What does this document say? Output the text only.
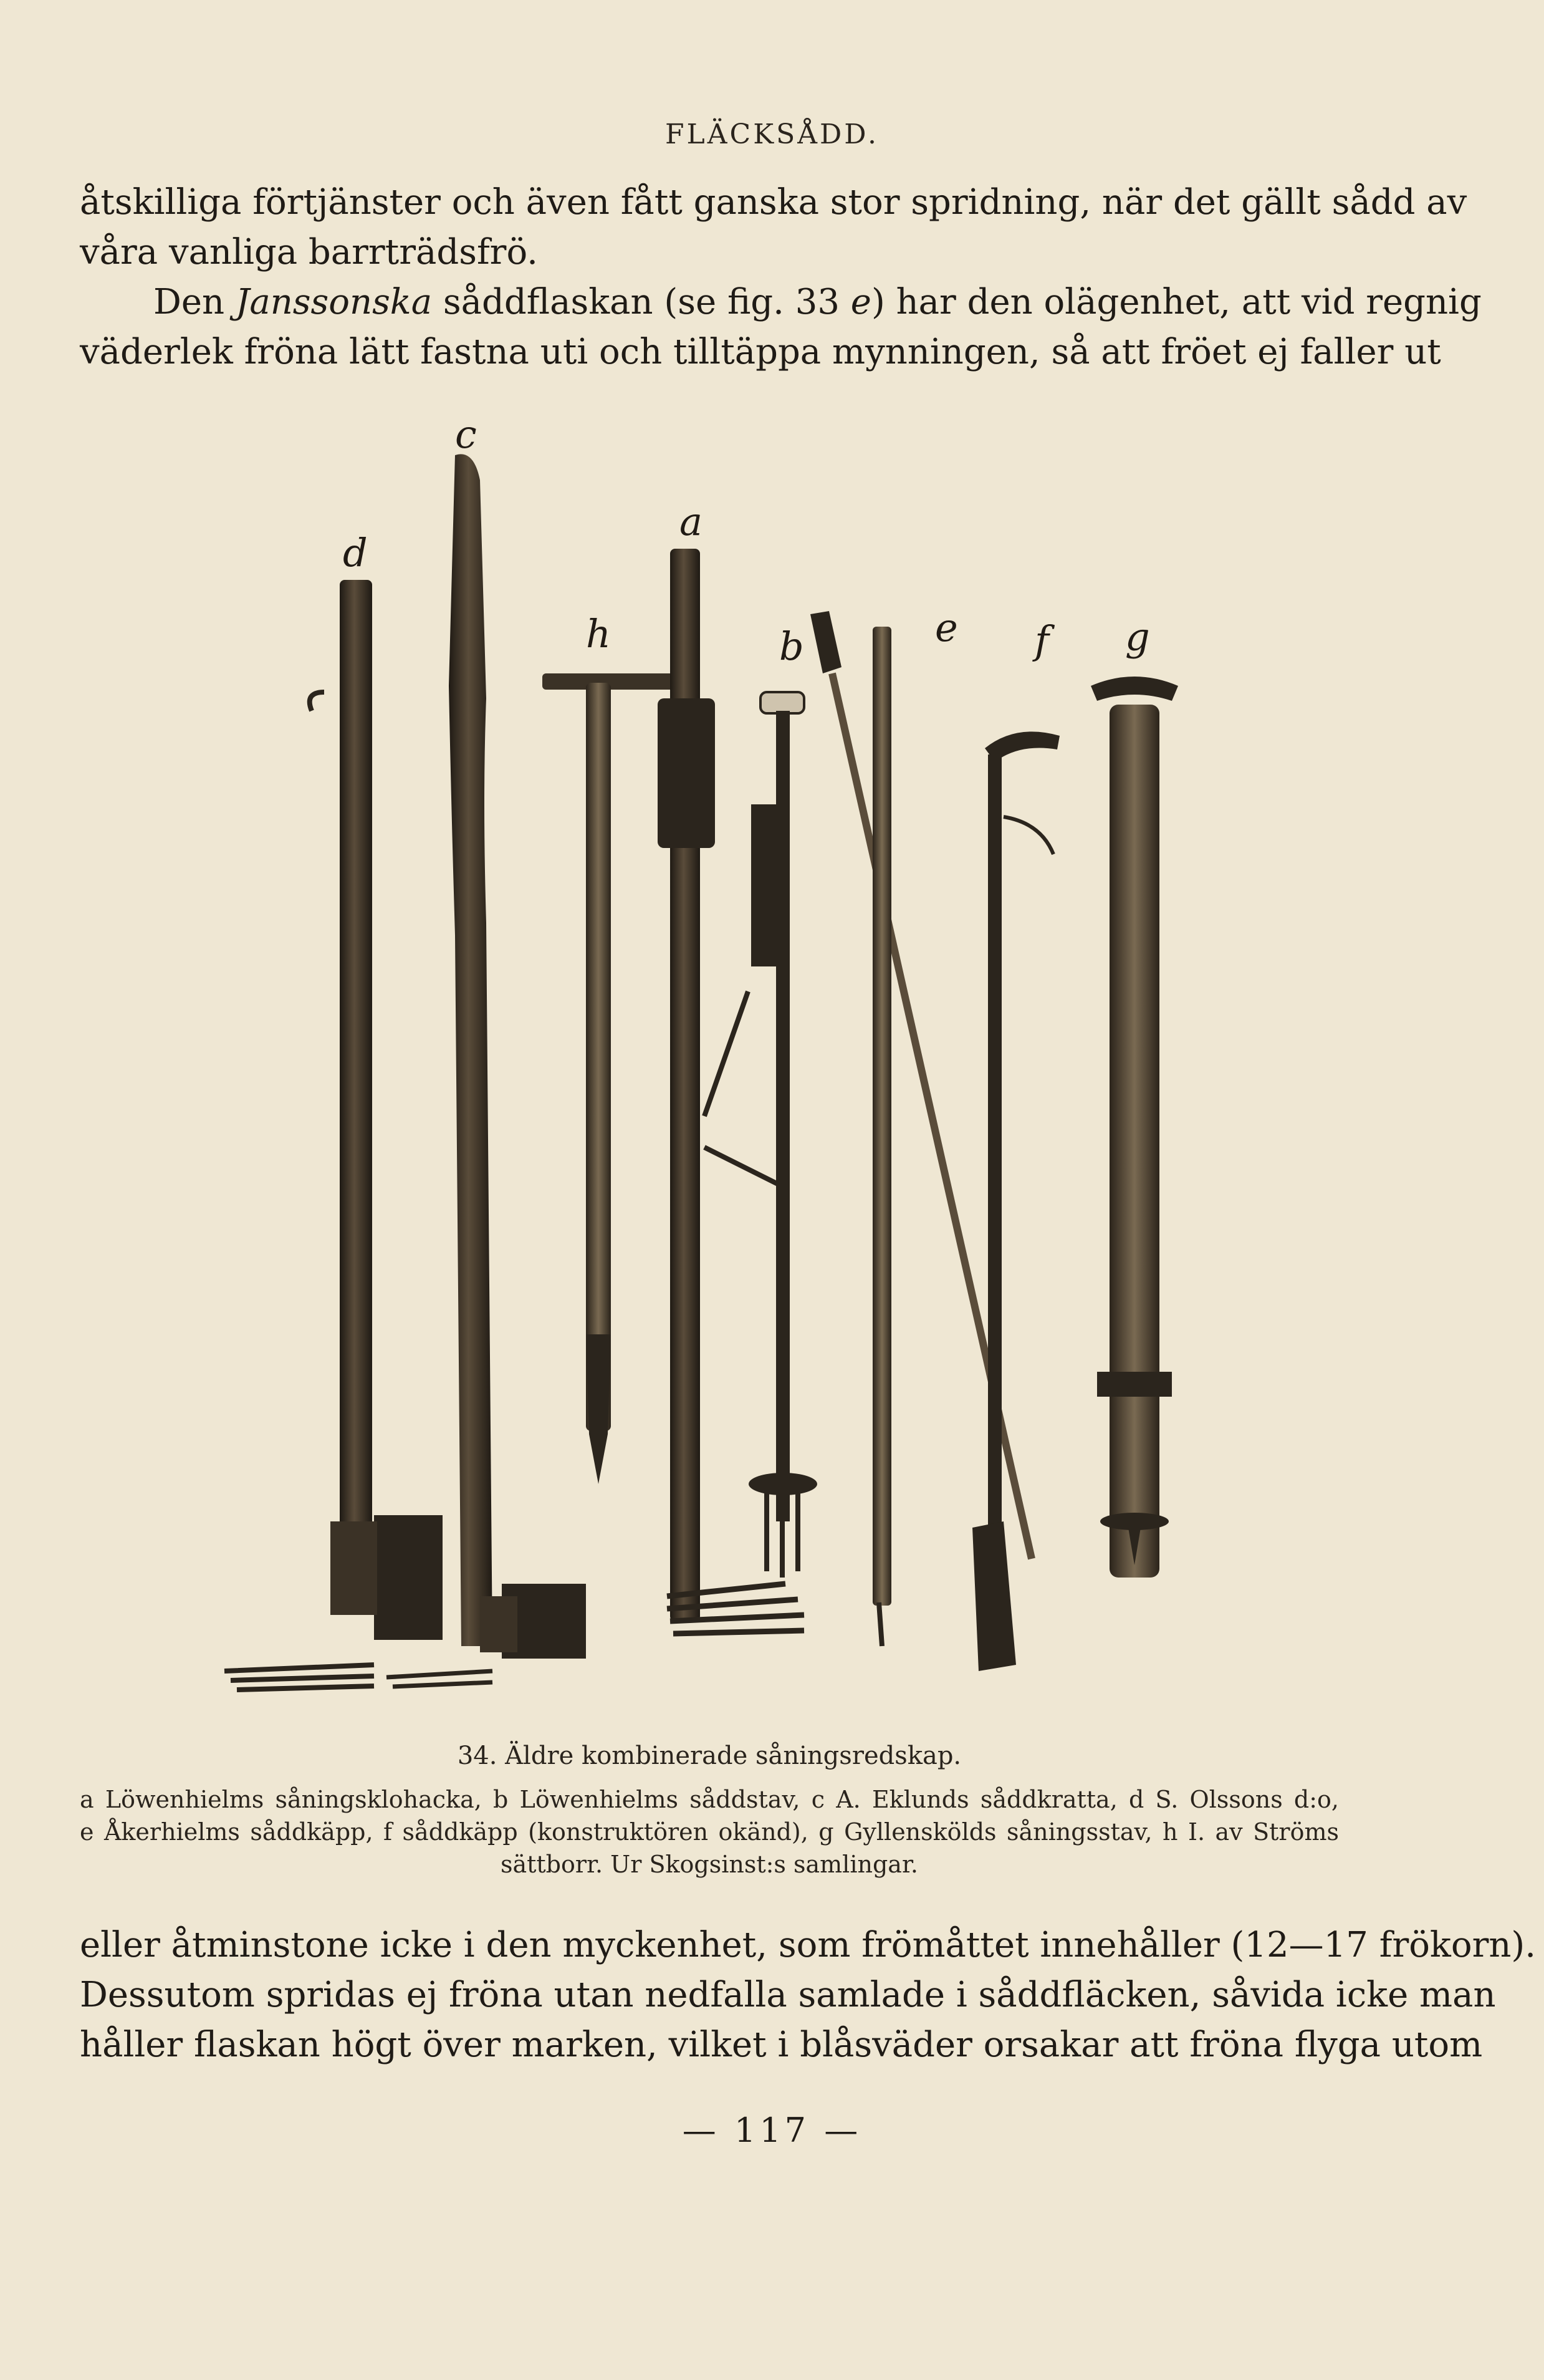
FLÄCKSÅDD.
åtskilliga förtjänster och även fått ganska stor spridning, när det gällt sådd av
våra vanliga barrträdsfrö.
Den Janssonska såddflaskan (se fig. 33 e) har den olägenhet, att vid regnig
väderlek fröna lätt fastna uti och tilltäppa mynningen, så att fröet ej faller ut
d
c
h
a
b	e f g
34. Äldre kombinerade såningsredskap.
a Löwenhielms såningsklohacka, b Löwenhielms såddstav, c A. Eklunds såddkratta, d S. Olssons d:o,
e Åkerhielms såddkäpp, f såddkäpp (konstruktören okänd), g Gyllenskölds såningsstav, h I. av Ströms
sättborr. Ur Skogsinst:s samlingar.
eller åtminstone icke i den myckenhet, som frömåttet innehåller (12—17 frökorn).
Dessutom spridas ej fröna utan nedfalla samlade i såddfläcken, såvida icke man
håller flaskan högt över marken, vilket i blåsväder orsakar att fröna flyga utom
— 117 —
